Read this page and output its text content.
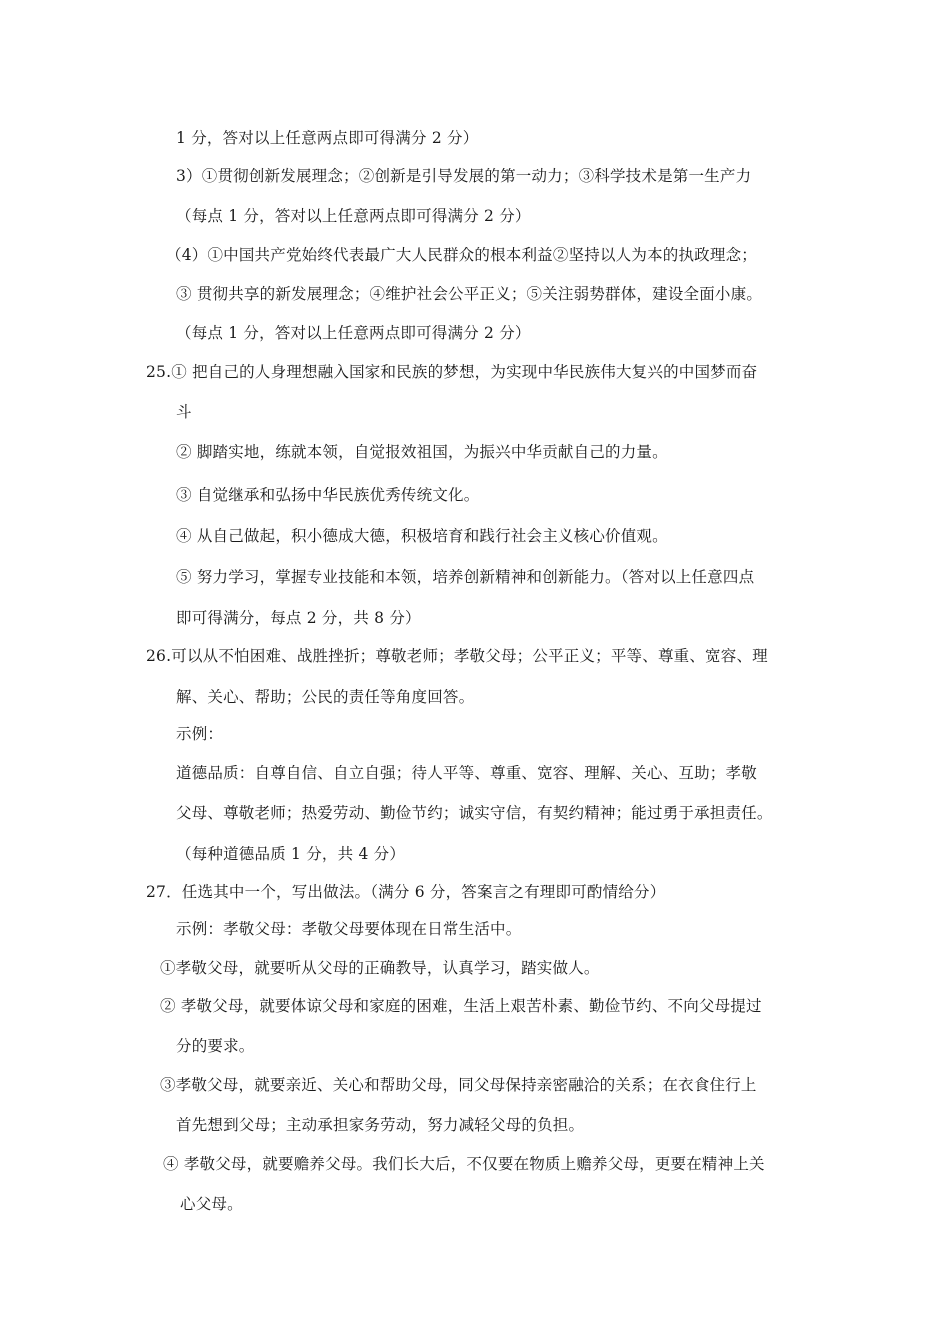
1 分，答对以上任意两点即可得满分 2 分）
3）①贯彻创新发展理念；②创新是引导发展的第一动力；③科学技术是第一生产力
（每点 1 分，答对以上任意两点即可得满分 2 分）
（4）①中国共产党始终代表最广大人民群众的根本利益②坚持以人为本的执政理念；
③ 贯彻共享的新发展理念；④维护社会公平正义；⑤关注弱势群体，建设全面小康。
（每点 1 分，答对以上任意两点即可得满分 2 分）
25.① 把自己的人身理想融入国家和民族的梦想，为实现中华民族伟大复兴的中国梦而奋
斗
② 脚踏实地，练就本领，自觉报效祖国，为振兴中华贡献自己的力量。
③ 自觉继承和弘扬中华民族优秀传统文化。
④ 从自己做起，积小德成大德，积极培育和践行社会主义核心价值观。
⑤ 努力学习，掌握专业技能和本领，培养创新精神和创新能力。（答对以上任意四点
即可得满分，每点 2 分，共 8 分）
26.可以从不怕困难、战胜挫折；尊敬老师；孝敬父母；公平正义；平等、尊重、宽容、理
解、关心、帮助；公民的责任等角度回答。
示例：
道德品质：自尊自信、自立自强；待人平等、尊重、宽容、理解、关心、互助；孝敬
父母、尊敬老师；热爱劳动、勤俭节约；诚实守信，有契约精神；能过勇于承担责任。
（每种道德品质 1 分，共 4 分）
27．任选其中一个，写出做法。（满分 6 分，答案言之有理即可酌情给分）
示例：孝敬父母：孝敬父母要体现在日常生活中。
①孝敬父母，就要听从父母的正确教导，认真学习，踏实做人。
② 孝敬父母，就要体谅父母和家庭的困难，生活上艰苦朴素、勤俭节约、不向父母提过
分的要求。
③孝敬父母，就要亲近、关心和帮助父母，同父母保持亲密融洽的关系；在衣食住行上
首先想到父母；主动承担家务劳动，努力减轻父母的负担。
④ 孝敬父母，就要赡养父母。我们长大后，不仅要在物质上赡养父母，更要在精神上关
心父母。
